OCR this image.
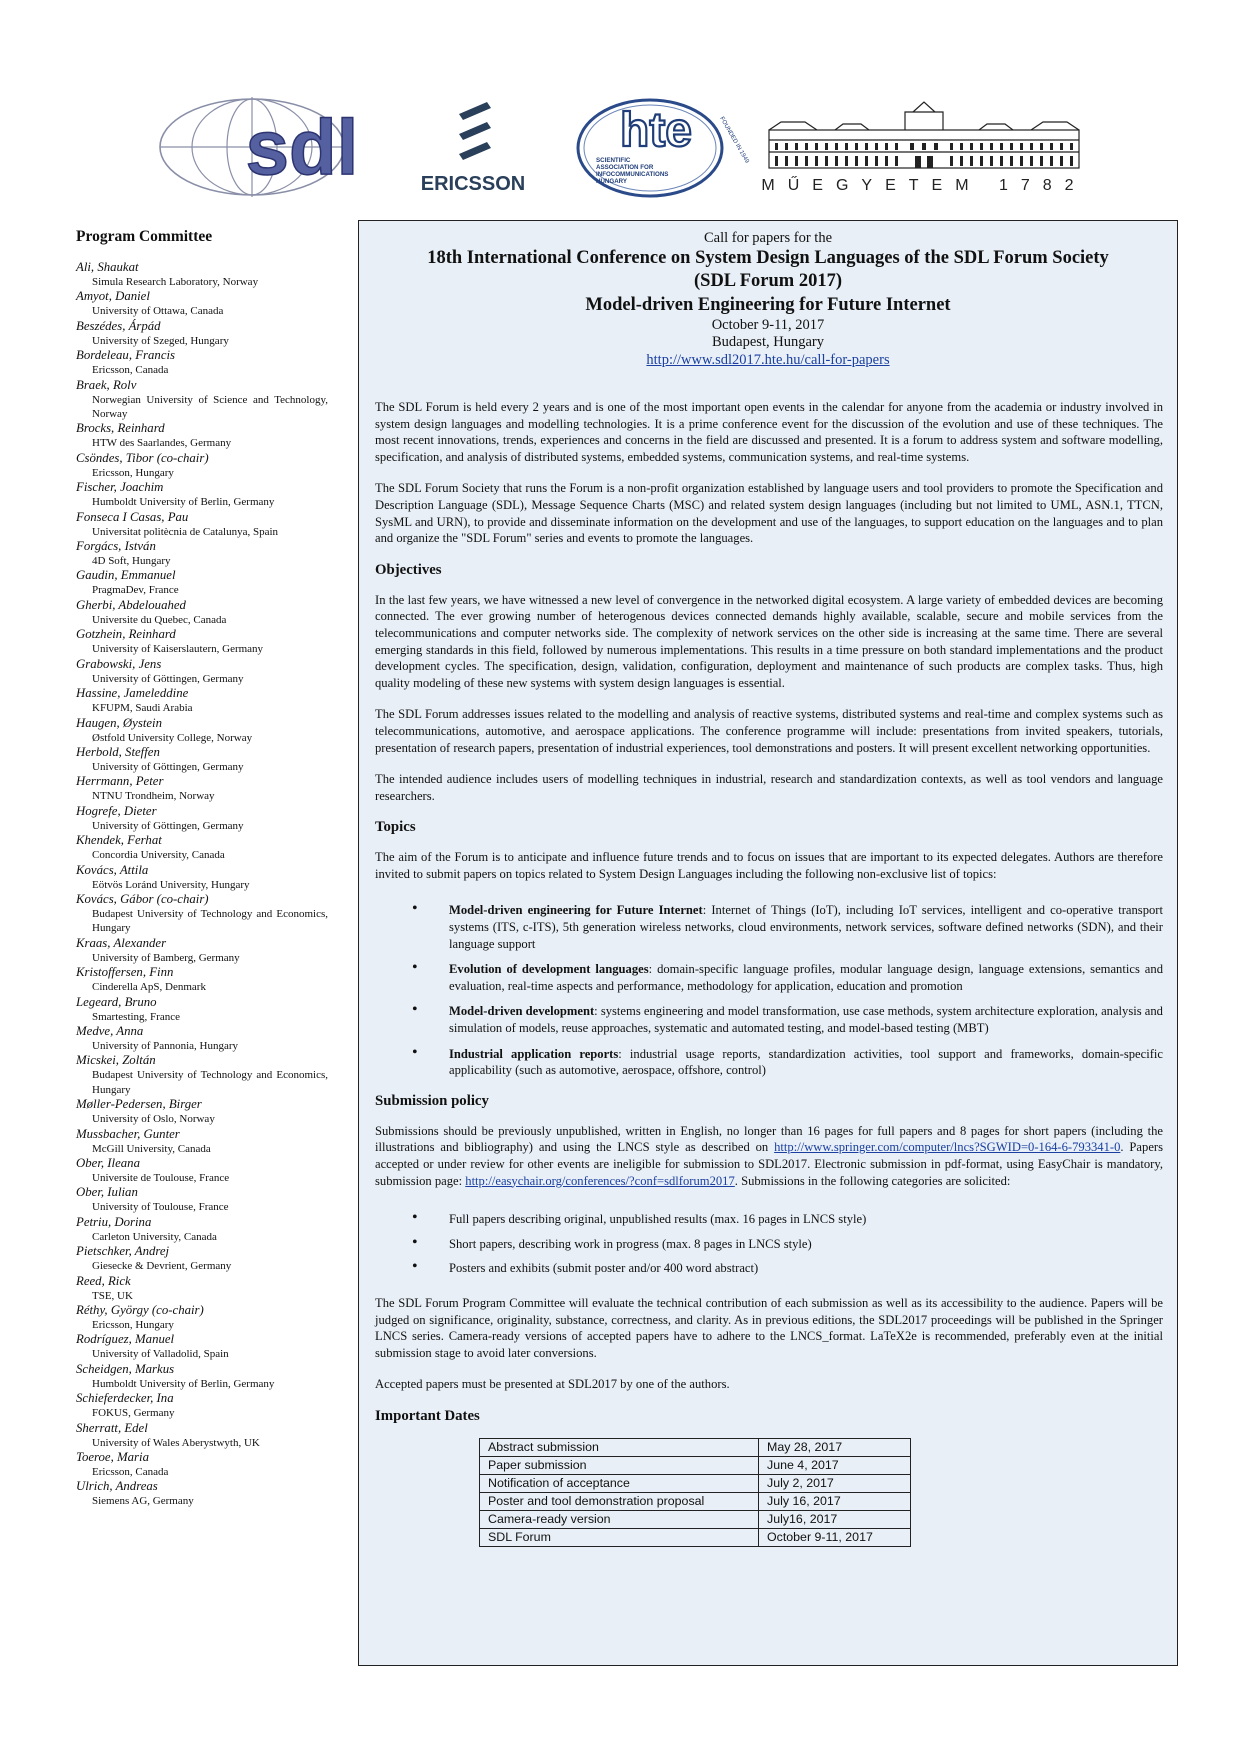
sdl	ERICSSON
hte	FOUNDED IN 1949
SCIENTIFIC
ASSOCIATION FOR
INFOCOMMUNICATIONS
HUNGARY	MŰEGYETEM 1782
Program Committee
Ali, Shaukat
Simula Research Laboratory, Norway
Amyot, Daniel
University of Ottawa, Canada
Beszédes, Árpád
University of Szeged, Hungary
Bordeleau, Francis
Ericsson, Canada
Braek, Rolv
Norwegian University of Science and Technology, Norway
Brocks, Reinhard
HTW des Saarlandes, Germany
Csöndes, Tibor (co-chair)
Ericsson, Hungary
Fischer, Joachim
Humboldt University of Berlin, Germany
Fonseca I Casas, Pau
Universitat politècnia de Catalunya, Spain
Forgács, István
4D Soft, Hungary
Gaudin, Emmanuel
PragmaDev, France
Gherbi, Abdelouahed
Universite du Quebec, Canada
Gotzhein, Reinhard
University of Kaiserslautern, Germany
Grabowski, Jens
University of Göttingen, Germany
Hassine, Jameleddine
KFUPM, Saudi Arabia
Haugen, Øystein
Østfold University College, Norway
Herbold, Steffen
University of Göttingen, Germany
Herrmann, Peter
NTNU Trondheim, Norway
Hogrefe, Dieter
University of Göttingen, Germany
Khendek, Ferhat
Concordia University, Canada
Kovács, Attila
Eötvös Loránd University, Hungary
Kovács, Gábor (co-chair)
Budapest University of Technology and Economics, Hungary
Kraas, Alexander
University of Bamberg, Germany
Kristoffersen, Finn
Cinderella ApS, Denmark
Legeard, Bruno
Smartesting, France
Medve, Anna
University of Pannonia, Hungary
Micskei, Zoltán
Budapest University of Technology and Economics, Hungary
Møller-Pedersen, Birger
University of Oslo, Norway
Mussbacher, Gunter
McGill University, Canada
Ober, Ileana
Universite de Toulouse, France
Ober, Iulian
University of Toulouse, France
Petriu, Dorina
Carleton University, Canada
Pietschker, Andrej
Giesecke & Devrient, Germany
Reed, Rick
TSE, UK
Réthy, György (co-chair)
Ericsson, Hungary
Rodríguez, Manuel
University of Valladolid, Spain
Scheidgen, Markus
Humboldt University of Berlin, Germany
Schieferdecker, Ina
FOKUS, Germany
Sherratt, Edel
University of Wales Aberystwyth, UK
Toeroe, Maria
Ericsson, Canada
Ulrich, Andreas
Siemens AG, Germany
Call for papers for the
18th International Conference on System Design Languages of the SDL Forum Society
(SDL Forum 2017)
Model-driven Engineering for Future Internet
October 9-11, 2017
Budapest, Hungary
http://www.sdl2017.hte.hu/call-for-papers

The SDL Forum is held every 2 years and is one of the most important open events in the calendar for anyone from the academia or industry involved in system design languages and modelling technologies. It is a prime conference event for the discussion of the evolution and use of these techniques. The most recent innovations, trends, experiences and concerns in the field are discussed and presented. It is a forum to address system and software modelling, specification, and analysis of distributed systems, embedded systems, communication systems, and real-time systems.

The SDL Forum Society that runs the Forum is a non-profit organization established by language users and tool providers to promote the Specification and Description Language (SDL), Message Sequence Charts (MSC) and related system design languages (including but not limited to UML, ASN.1, TTCN, SysML and URN), to provide and disseminate information on the development and use of the languages, to support education on the languages and to plan and organize the "SDL Forum" series and events to promote the languages.

Objectives

In the last few years, we have witnessed a new level of convergence in the networked digital ecosystem. A large variety of embedded devices are becoming connected. The ever growing number of heterogenous devices connected demands highly available, scalable, secure and mobile services from the telecommunications and computer networks side. The complexity of network services on the other side is increasing at the same time. There are several emerging standards in this field, followed by numerous implementations. This results in a time pressure on both standard implementations and the product development cycles. The specification, design, validation, configuration, deployment and maintenance of such products are complex tasks. Thus, high quality modeling of these new systems with system design languages is essential.

The SDL Forum addresses issues related to the modelling and analysis of reactive systems, distributed systems and real-time and complex systems such as telecommunications, automotive, and aerospace applications. The conference programme will include: presentations from invited speakers, tutorials, presentation of research papers, presentation of industrial experiences, tool demonstrations and posters. It will present excellent networking opportunities.

The intended audience includes users of modelling techniques in industrial, research and standardization contexts, as well as tool vendors and language researchers.

Topics

The aim of the Forum is to anticipate and influence future trends and to focus on issues that are important to its expected delegates. Authors are therefore invited to submit papers on topics related to System Design Languages including the following non-exclusive list of topics:

• Model-driven engineering for Future Internet: Internet of Things (IoT), including IoT services, intelligent and co-operative transport systems (ITS, c-ITS), 5th generation wireless networks, cloud environments, network services, software defined networks (SDN), and their language support
• Evolution of development languages: domain-specific language profiles, modular language design, language extensions, semantics and evaluation, real-time aspects and performance, methodology for application, education and promotion
• Model-driven development: systems engineering and model transformation, use case methods, system architecture exploration, analysis and simulation of models, reuse approaches, systematic and automated testing, and model-based testing (MBT)
• Industrial application reports: industrial usage reports, standardization activities, tool support and frameworks, domain-specific applicability (such as automotive, aerospace, offshore, control)
Submission policy

Submissions should be previously unpublished, written in English, no longer than 16 pages for full papers and 8 pages for short papers (including the illustrations and bibliography) and using the LNCS style as described on http://www.springer.com/computer/lncs?SGWID=0-164-6-793341-0. Papers accepted or under review for other events are ineligible for submission to SDL2017. Electronic submission in pdf-format, using EasyChair is mandatory, submission page: http://easychair.org/conferences/?conf=sdlforum2017. Submissions in the following categories are solicited:

• Full papers describing original, unpublished results (max. 16 pages in LNCS style)
• Short papers, describing work in progress (max. 8 pages in LNCS style)
• Posters and exhibits (submit poster and/or 400 word abstract)

The SDL Forum Program Committee will evaluate the technical contribution of each submission as well as its accessibility to the audience. Papers will be judged on significance, originality, substance, correctness, and clarity. As in previous editions, the SDL2017 proceedings will be published in the Springer LNCS series. Camera-ready versions of accepted papers have to adhere to the LNCS_format. LaTeX2e is recommended, preferably even at the initial submission stage to avoid later conversions.

Accepted papers must be presented at SDL2017 by one of the authors.

Important Dates
Abstract submission	May 28, 2017
Paper submission	June 4, 2017
Notification of acceptance	July 2, 2017
Poster and tool demonstration proposal	July 16, 2017
Camera-ready version	July16, 2017
SDL Forum	October 9-11, 2017
